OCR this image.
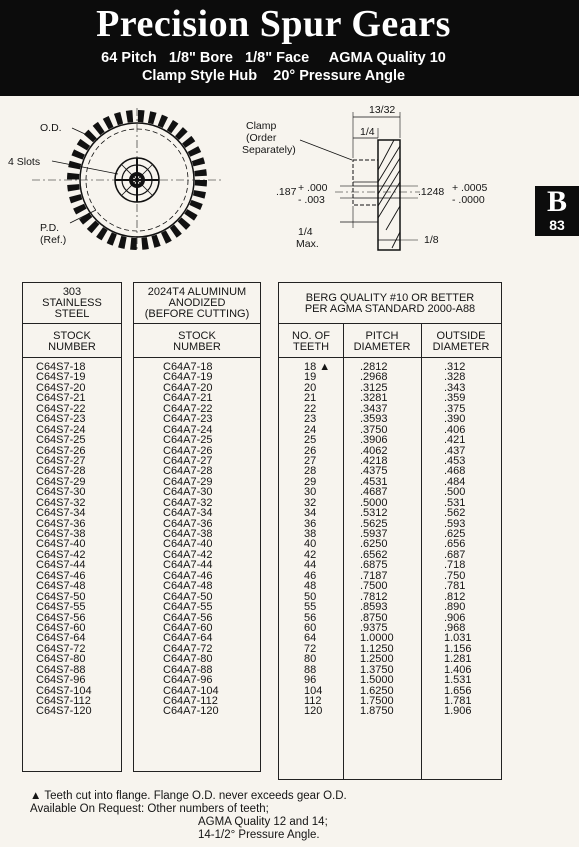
Precision Spur Gears
64 Pitch   1/8" Bore   1/8" Face     AGMA Quality 10
Clamp Style Hub    20° Pressure Angle
B
83
O.D.
4 Slots
P.D.
(Ref.)
Clamp
(Order
Separately)
13/32
1/4
.187 + .000
- .003
.1248 + .0005
- .0000
1/4
Max.	1/8
303
STAINLESS
STEEL
STOCK
NUMBER
C64S7-18
C64S7-19
C64S7-20
C64S7-21
C64S7-22
C64S7-23
C64S7-24
C64S7-25
C64S7-26
C64S7-27
C64S7-28
C64S7-29
C64S7-30
C64S7-32
C64S7-34
C64S7-36
C64S7-38
C64S7-40
C64S7-42
C64S7-44
C64S7-46
C64S7-48
C64S7-50
C64S7-55
C64S7-56
C64S7-60
C64S7-64
C64S7-72
C64S7-80
C64S7-88
C64S7-96
C64S7-104
C64S7-112
C64S7-120
2024T4 ALUMINUM
ANODIZED
(BEFORE CUTTING)
STOCK
NUMBER
C64A7-18
C64A7-19
C64A7-20
C64A7-21
C64A7-22
C64A7-23
C64A7-24
C64A7-25
C64A7-26
C64A7-27
C64A7-28
C64A7-29
C64A7-30
C64A7-32
C64A7-34
C64A7-36
C64A7-38
C64A7-40
C64A7-42
C64A7-44
C64A7-46
C64A7-48
C64A7-50
C64A7-55
C64A7-56
C64A7-60
C64A7-64
C64A7-72
C64A7-80
C64A7-88
C64A7-96
C64A7-104
C64A7-112
C64A7-120
BERG QUALITY #10 OR BETTER
PER AGMA STANDARD 2000-A88
NO. OF
TEETH
PITCH
DIAMETER
OUTSIDE
DIAMETER
18 ▲
19
20
21
22
23
24
25
26
27
28
29
30
32
34
36
38
40
42
44
46
48
50
55
56
60
64
72
80
88
96
104
112
120
.2812
.2968
.3125
.3281
.3437
.3593
.3750
.3906
.4062
.4218
.4375
.4531
.4687
.5000
.5312
.5625
.5937
.6250
.6562
.6875
.7187
.7500
.7812
.8593
.8750
.9375
1.0000
1.1250
1.2500
1.3750
1.5000
1.6250
1.7500
1.8750
.312
.328
.343
.359
.375
.390
.406
.421
.437
.453
.468
.484
.500
.531
.562
.593
.625
.656
.687
.718
.750
.781
.812
.890
.906
.968
1.031
1.156
1.281
1.406
1.531
1.656
1.781
1.906
▲ Teeth cut into flange. Flange O.D. never exceeds gear O.D.
Available On Request: Other numbers of teeth;
AGMA Quality 12 and 14;
14-1/2° Pressure Angle.
